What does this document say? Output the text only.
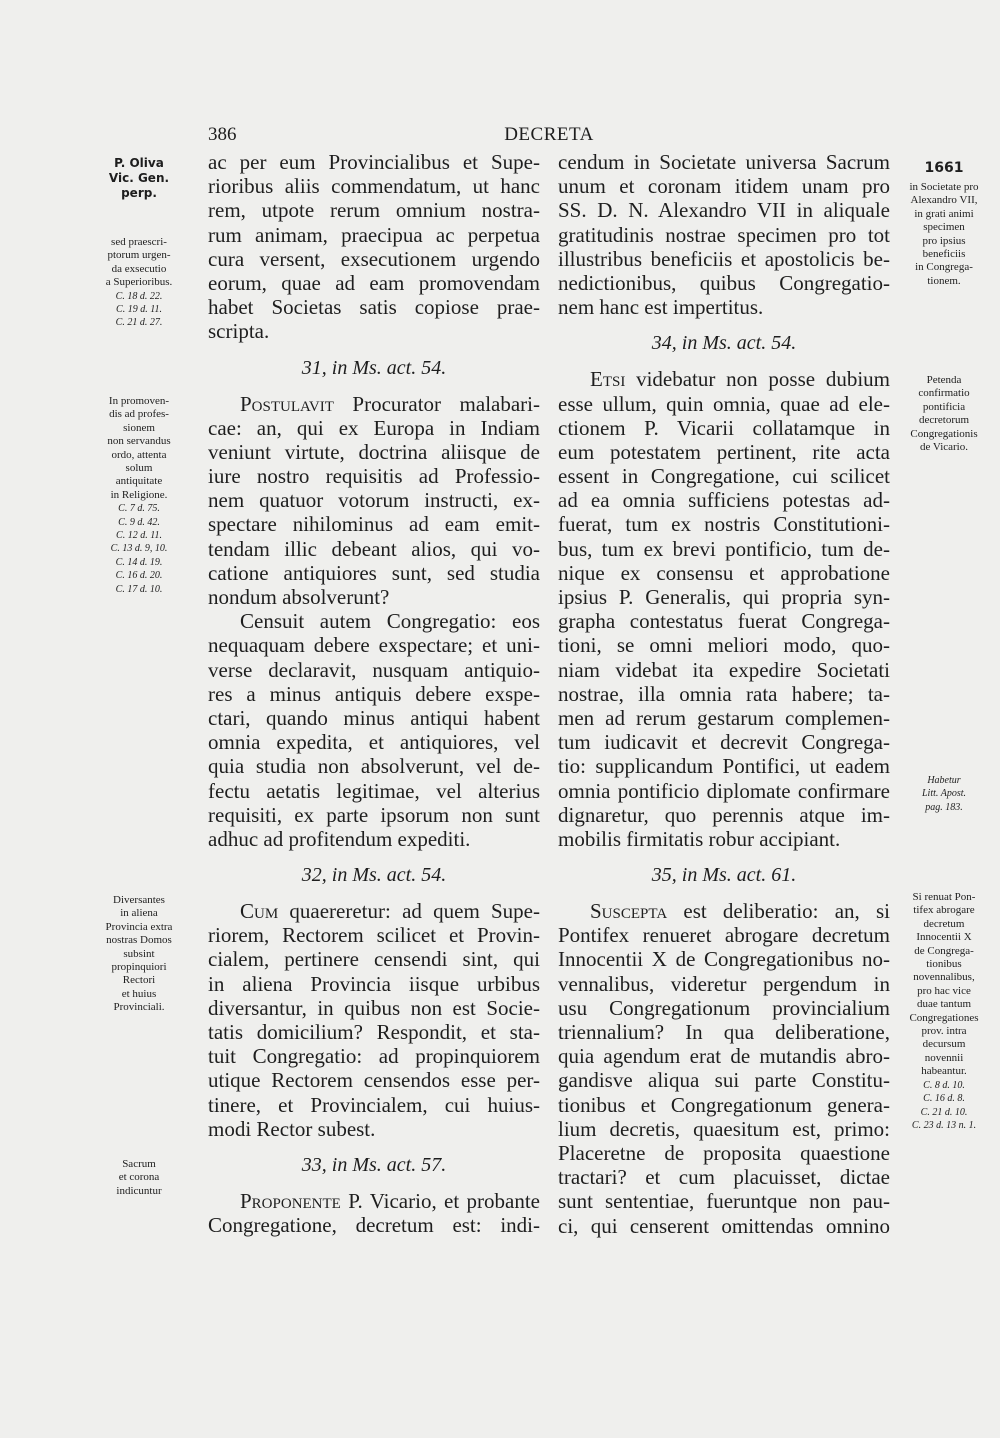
386	DECRETA
1661
P. Oliva
Vic. Gen.
perp.
sed praescri-
ptorum urgen-
da exsecutio
a Superioribus.
C. 18 d. 22.
C. 19 d. 11.
C. 21 d. 27.
In promoven-
dis ad profes-
sionem
non servandus
ordo, attenta
solum
antiquitate
in Religione.
C. 7 d. 75.
C. 9 d. 42.
C. 12 d. 11.
C. 13 d. 9, 10.
C. 14 d. 19.
C. 16 d. 20.
C. 17 d. 10.
Diversantes
in aliena
Provincia extra
nostras Domos
subsint
propinquiori
Rectori
et huius
Provinciali.
Sacrum
et corona
indicuntur
in Societate pro
Alexandro VII,
in grati animi
specimen
pro ipsius
beneficiis
in Congrega-
tionem.
Petenda
confirmatio
pontificia
decretorum
Congregationis
de Vicario.
Habetur
Litt. Apost.
pag. 183.
Si renuat Pon-
tifex abrogare
decretum
Innocentii X
de Congrega-
tionibus
novennalibus,
pro hac vice
duae tantum
Congregationes
prov. intra
decursum
novennii
habeantur.
C. 8 d. 10.
C. 16 d. 8.
C. 21 d. 10.
C. 23 d. 13 n. 1.
ac per eum Provincialibus et Supe-
rioribus aliis commendatum, ut hanc
rem, utpote rerum omnium nostra-
rum animam, praecipua ac perpetua
cura versent, exsecutionem urgendo
eorum, quae ad eam promovendam
habet Societas satis copiose prae-
scripta.
31, in Ms. act. 54.
Postulavit Procurator malabari-
cae: an, qui ex Europa in Indiam
veniunt virtute, doctrina aliisque de
iure nostro requisitis ad Professio-
nem quatuor votorum instructi, ex-
spectare nihilominus ad eam emit-
tendam illic debeant alios, qui vo-
catione antiquiores sunt, sed studia
nondum absolverunt?
Censuit autem Congregatio: eos
nequaquam debere exspectare; et uni-
verse declaravit, nusquam antiquio-
res a minus antiquis debere exspe-
ctari, quando minus antiqui habent
omnia expedita, et antiquiores, vel
quia studia non absolverunt, vel de-
fectu aetatis legitimae, vel alterius
requisiti, ex parte ipsorum non sunt
adhuc ad profitendum expediti.
32, in Ms. act. 54.
Cum quaereretur: ad quem Supe-
riorem, Rectorem scilicet et Provin-
cialem, pertinere censendi sint, qui
in aliena Provincia iisque urbibus
diversantur, in quibus non est Socie-
tatis domicilium? Respondit, et sta-
tuit Congregatio: ad propinquiorem
utique Rectorem censendos esse per-
tinere, et Provincialem, cui huius-
modi Rector subest.
33, in Ms. act. 57.
Proponente P. Vicario, et probante
Congregatione, decretum est: indi-
cendum in Societate universa Sacrum
unum et coronam itidem unam pro
SS. D. N. Alexandro VII in aliquale
gratitudinis nostrae specimen pro tot
illustribus beneficiis et apostolicis be-
nedictionibus, quibus Congregatio-
nem hanc est impertitus.
34, in Ms. act. 54.
Etsi videbatur non posse dubium
esse ullum, quin omnia, quae ad ele-
ctionem P. Vicarii collatamque in
eum potestatem pertinent, rite acta
essent in Congregatione, cui scilicet
ad ea omnia sufficiens potestas ad-
fuerat, tum ex nostris Constitutioni-
bus, tum ex brevi pontificio, tum de-
nique ex consensu et approbatione
ipsius P. Generalis, qui propria syn-
grapha contestatus fuerat Congrega-
tioni, se omni meliori modo, quo-
niam videbat ita expedire Societati
nostrae, illa omnia rata habere; ta-
men ad rerum gestarum complemen-
tum iudicavit et decrevit Congrega-
tio: supplicandum Pontifici, ut eadem
omnia pontificio diplomate confirmare
dignaretur, quo perennis atque im-
mobilis firmitatis robur accipiant.
35, in Ms. act. 61.
Suscepta est deliberatio: an, si
Pontifex renueret abrogare decretum
Innocentii X de Congregationibus no-
vennalibus, videretur pergendum in
usu Congregationum provincialium
triennalium? In qua deliberatione,
quia agendum erat de mutandis abro-
gandisve aliqua sui parte Constitu-
tionibus et Congregationum genera-
lium decretis, quaesitum est, primo:
Placeretne de proposita quaestione
tractari? et cum placuisset, dictae
sunt sententiae, fueruntque non pau-
ci, qui censerent omittendas omnino
